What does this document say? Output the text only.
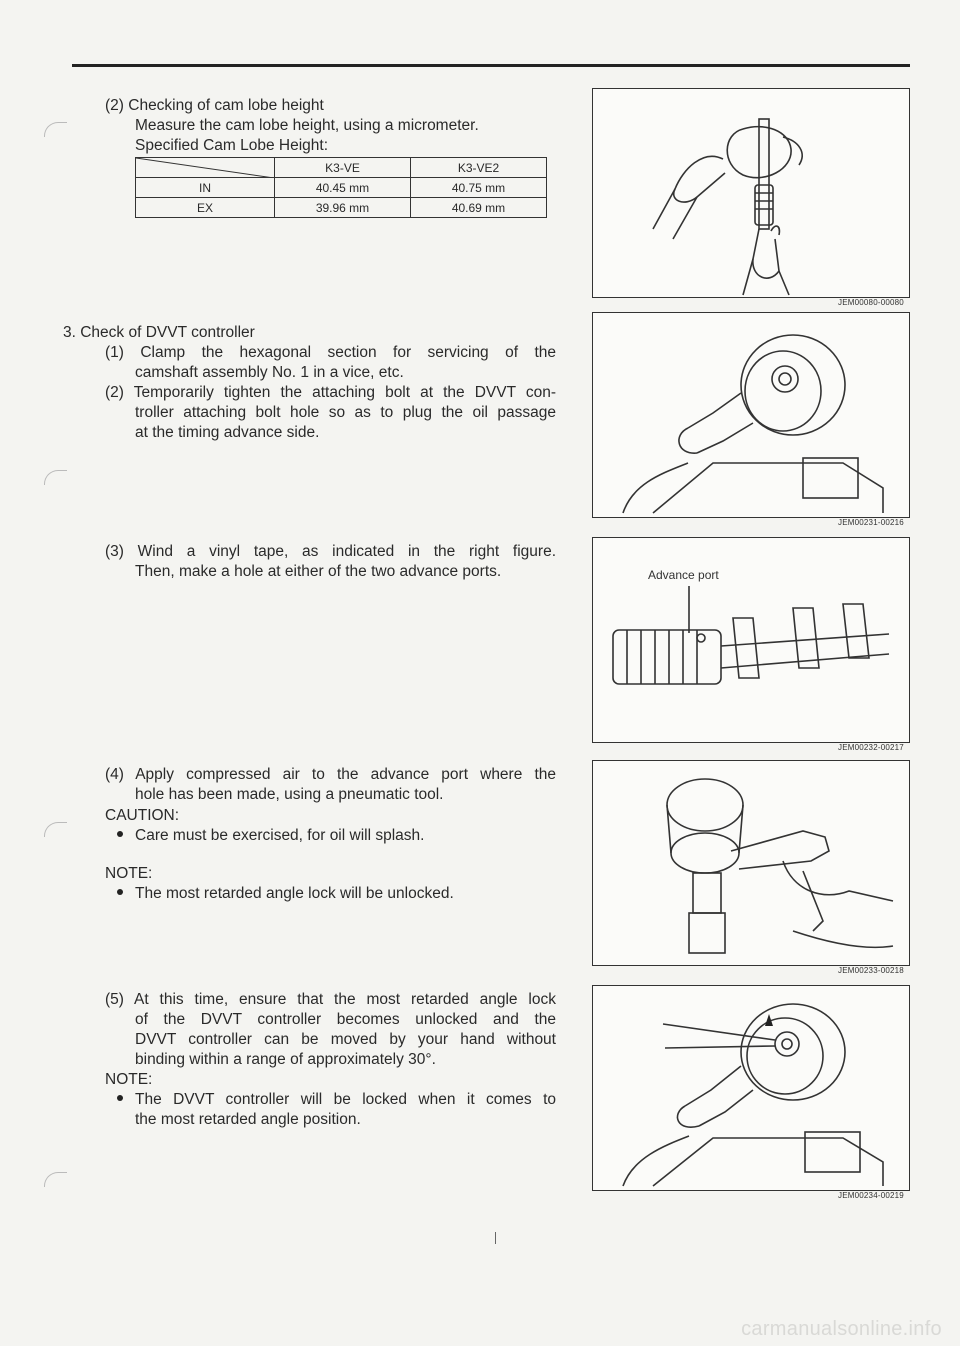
(2) Checking of cam lobe height
Measure the cam lobe height, using a micrometer.
Specified Cam Lobe Height:
	K3-VE	K3-VE2
IN	40.45 mm	40.75 mm
EX	39.96 mm	40.69 mm
3. Check of DVVT controller
(1) Clamp the hexagonal section for servicing of the
camshaft assembly No. 1 in a vice, etc.
(2) Temporarily tighten the attaching bolt at the DVVT con-
troller attaching bolt hole so as to plug the oil passage
at the timing advance side.
(3) Wind a vinyl tape, as indicated in the right figure.
Then, make a hole at either of the two advance ports.
(4) Apply compressed air to the advance port where the
hole has been made, using a pneumatic tool.
CAUTION:
Care must be exercised, for oil will splash.
NOTE:
The most retarded angle lock will be unlocked.
(5) At this time, ensure that the most retarded angle lock
of the DVVT controller becomes unlocked and the
DVVT controller can be moved by your hand without
binding within a range of approximately 30°.
NOTE:
The DVVT controller will be locked when it comes to
the most retarded angle position.
JEM00080-00080
JEM00231-00216
Advance port
JEM00232-00217
JEM00233-00218
JEM00234-00219
carmanualsonline.info
